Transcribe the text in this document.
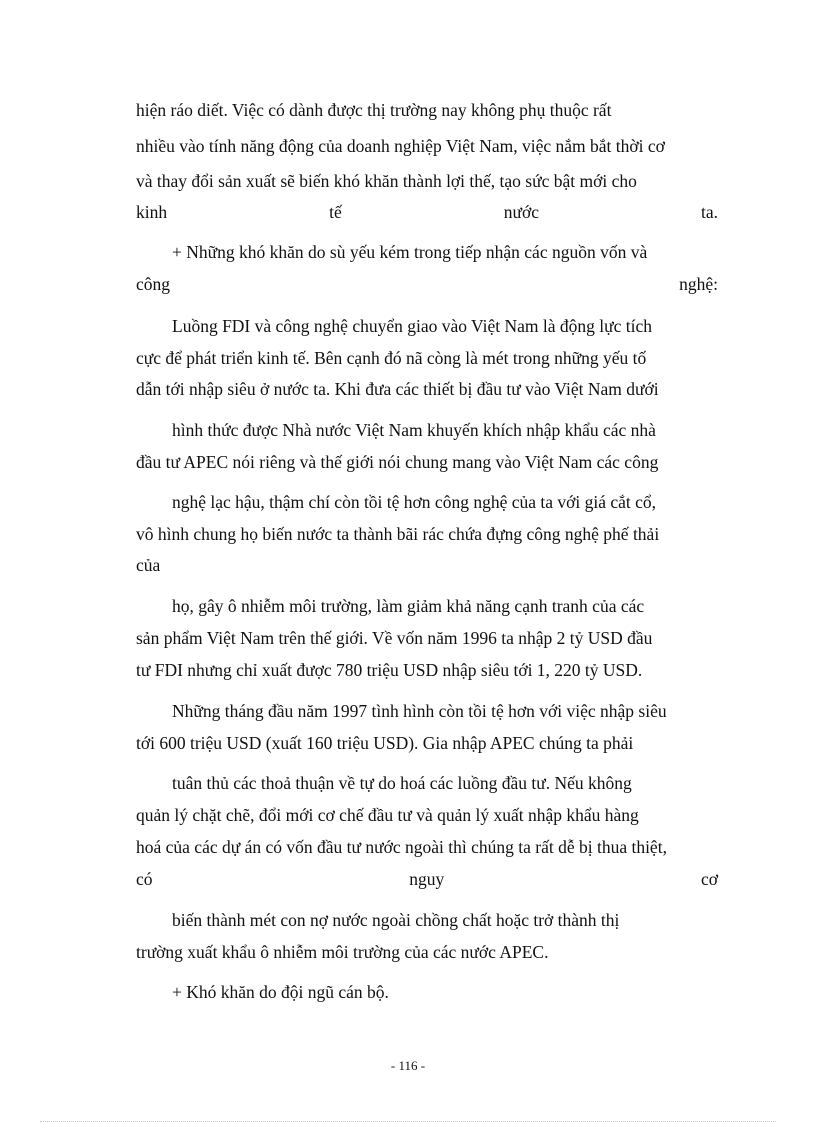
hiện ráo diết. Việc có dành được thị trường nay không phụ thuộc rất
nhiều vào tính năng động của doanh nghiệp Việt Nam, việc nắm bắt thời cơ
và thay đổi sản xuất sẽ biến khó khăn thành lợi thế, tạo sức bật mới cho
kinh	tế	nước	ta.
+ Những khó khăn do sù yếu kém trong tiếp nhận các nguồn vốn và
công	nghệ:
Luồng FDI và công nghệ chuyển giao vào Việt Nam là động lực tích
cực để phát triển kinh tế. Bên cạnh đó nã còng là mét trong những yếu tố
dẫn tới nhập siêu ở nước ta. Khi đưa các thiết bị đầu tư vào Việt Nam dưới
hình thức được Nhà nước Việt Nam khuyến khích nhập khẩu các nhà
đầu tư APEC nói riêng và thế giới nói chung mang vào Việt Nam các công
nghệ lạc hậu, thậm chí còn tồi tệ hơn công nghệ của ta với giá cắt cổ,
vô hình chung họ biến nước ta thành bãi rác chứa đựng công nghệ phế thải
của
họ, gây ô nhiễm môi trường, làm giảm khả năng cạnh tranh của các
sản phẩm Việt Nam trên thế giới. Về vốn năm 1996 ta nhập 2 tỷ USD đầu
tư FDI nhưng chỉ xuất được 780 triệu USD nhập siêu tới 1, 220 tỷ USD.
Những tháng đầu năm 1997 tình hình còn tồi tệ hơn với việc nhập siêu
tới 600 triệu USD (xuất 160 triệu USD). Gia nhập APEC chúng ta phải
tuân thủ các thoả thuận về tự do hoá các luồng đầu tư. Nếu không
quản lý chặt chẽ, đổi mới cơ chế đầu tư và quản lý xuất nhập khẩu hàng
hoá của các dự án có vốn đầu tư nước ngoài thì chúng ta rất dễ bị thua thiệt,
có	nguy	cơ
biến thành mét con nợ nước ngoài chồng chất hoặc trở thành thị
trường xuất khẩu ô nhiễm môi trường của các nước APEC.
+ Khó khăn do đội ngũ cán bộ.
- 116 -
